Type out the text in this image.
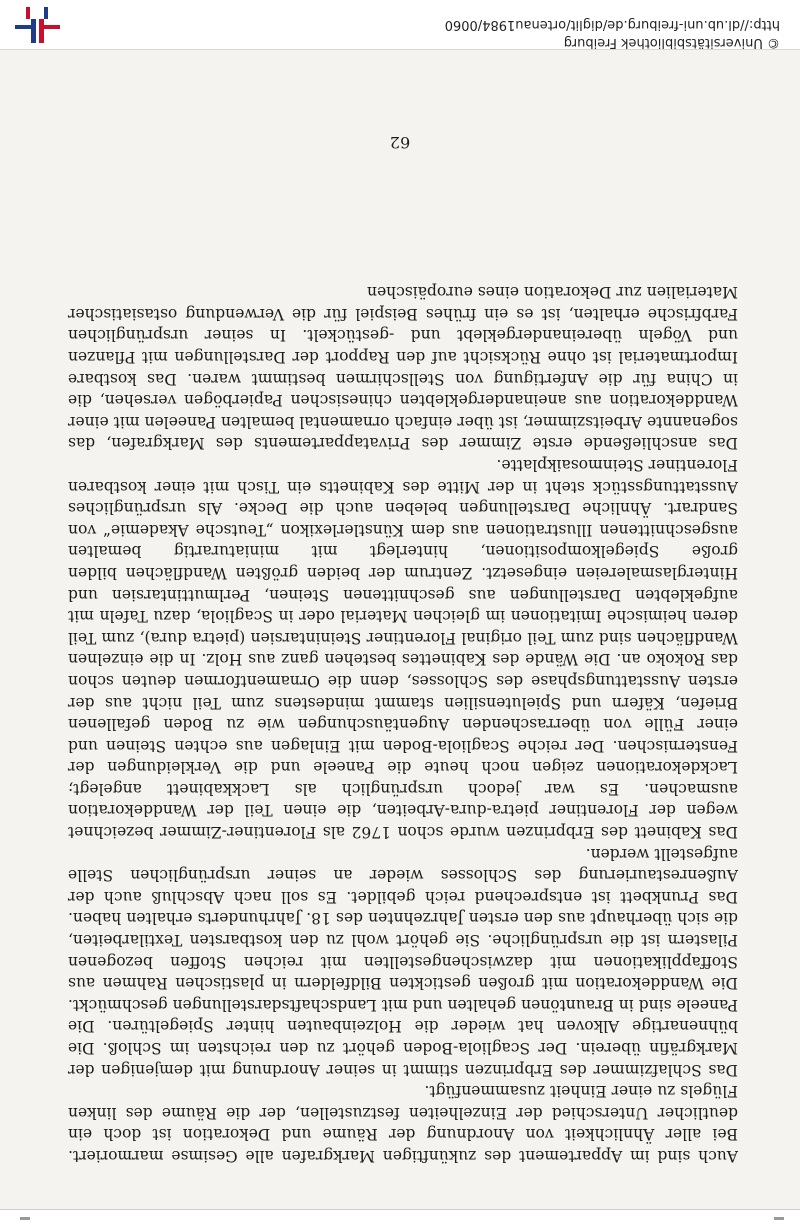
Auch sind im Appartement des zukünftigen Markgrafen alle Gesimse marmoriert. Bei aller Ähnlichkeit von Anordnung der Räume und Dekoration ist doch ein deutlicher Unterschied der Einzelheiten festzustellen, der die Räume des linken Flügels zu einer Einheit zusammenfügt.

Das Schlafzimmer des Erbprinzen stimmt in seiner Anordnung mit demjenigen der Markgräfin überein. Der Scagliola-Boden gehört zu den reichsten im Schloß. Die bühnenartige Alkoven hat wieder die Holzeinbauten hinter Spiegeltüren. Die Paneele sind in Brauntönen gehalten und mit Landschaftsdarstellungen geschmückt. Die Wanddekoration mit großen gestickten Bildfeldern in plastischen Rahmen aus Stoffapplikationen mit dazwischengestellten mit reichen Stoffen bezogenen Pilastern ist die ursprüngliche. Sie gehört wohl zu den kostbarsten Textilarbeiten, die sich überhaupt aus den ersten Jahrzehnten des 18. Jahrhunderts erhalten haben. Das Prunkbett ist entsprechend reich gebildet. Es soll nach Abschluß auch der Außenrestaurierung des Schlosses wieder an seiner ursprünglichen Stelle aufgestellt werden.

Das Kabinett des Erbprinzen wurde schon 1762 als Florentiner-Zimmer bezeichnet wegen der Florentiner pietra-dura-Arbeiten, die einen Teil der Wanddekoration ausmachen. Es war jedoch ursprünglich als Lackkabinett angelegt; Lackdekorationen zeigen noch heute die Paneele und die Verkleidungen der Fensternischen. Der reiche Scagliola-Boden mit Einlagen aus echten Steinen und einer Fülle von überraschenden Augentäuschungen wie zu Boden gefallenen Briefen, Käfern und Spielutensilien stammt mindestens zum Teil nicht aus der ersten Ausstattungsphase des Schlosses, denn die Ornamentformen deuten schon das Rokoko an. Die Wände des Kabinettes bestehen ganz aus Holz. In die einzelnen Wandflächen sind zum Teil original Florentiner Steinintarsien (pietra dura), zum Teil deren heimische Imitationen im gleichen Material oder in Scagliola, dazu Tafeln mit aufgeklebten Darstellungen aus geschnittenen Steinen, Perlmuttintarsien und Hinterglasmalereien eingesetzt. Zentrum der beiden größten Wandflächen bilden große Spiegelkompositionen, hinterlegt mit miniaturartig bemalten ausgeschnittenen Illustrationen aus dem Künstlerlexikon „Teutsche Akademie“ von Sandrart. Ähnliche Darstellungen beleben auch die Decke. Als ursprüngliches Ausstattungsstück steht in der Mitte des Kabinetts ein Tisch mit einer kostbaren Florentiner Steinmosaikplatte.

Das anschließende erste Zimmer des Privatappartements des Markgrafen, das sogenannte Arbeitszimmer, ist über einfach ornamental bemalten Paneelen mit einer Wanddekoration aus aneinandergeklebten chinesischen Papierbögen versehen, die in China für die Anfertigung von Stellschirmen bestimmt waren. Das kostbare Importmaterial ist ohne Rücksicht auf den Rapport der Darstellungen mit Pflanzen und Vögeln übereinandergeklebt und -gestückelt. In seiner ursprünglichen Farbfrische erhalten, ist es ein frühes Beispiel für die Verwendung ostasiatischer Materialien zur Dekoration eines europäischen

62
© Universitätsbibliothek Freiburg
http://dl.ub.uni-freiburg.de/diglit/ortenau1984/0060
